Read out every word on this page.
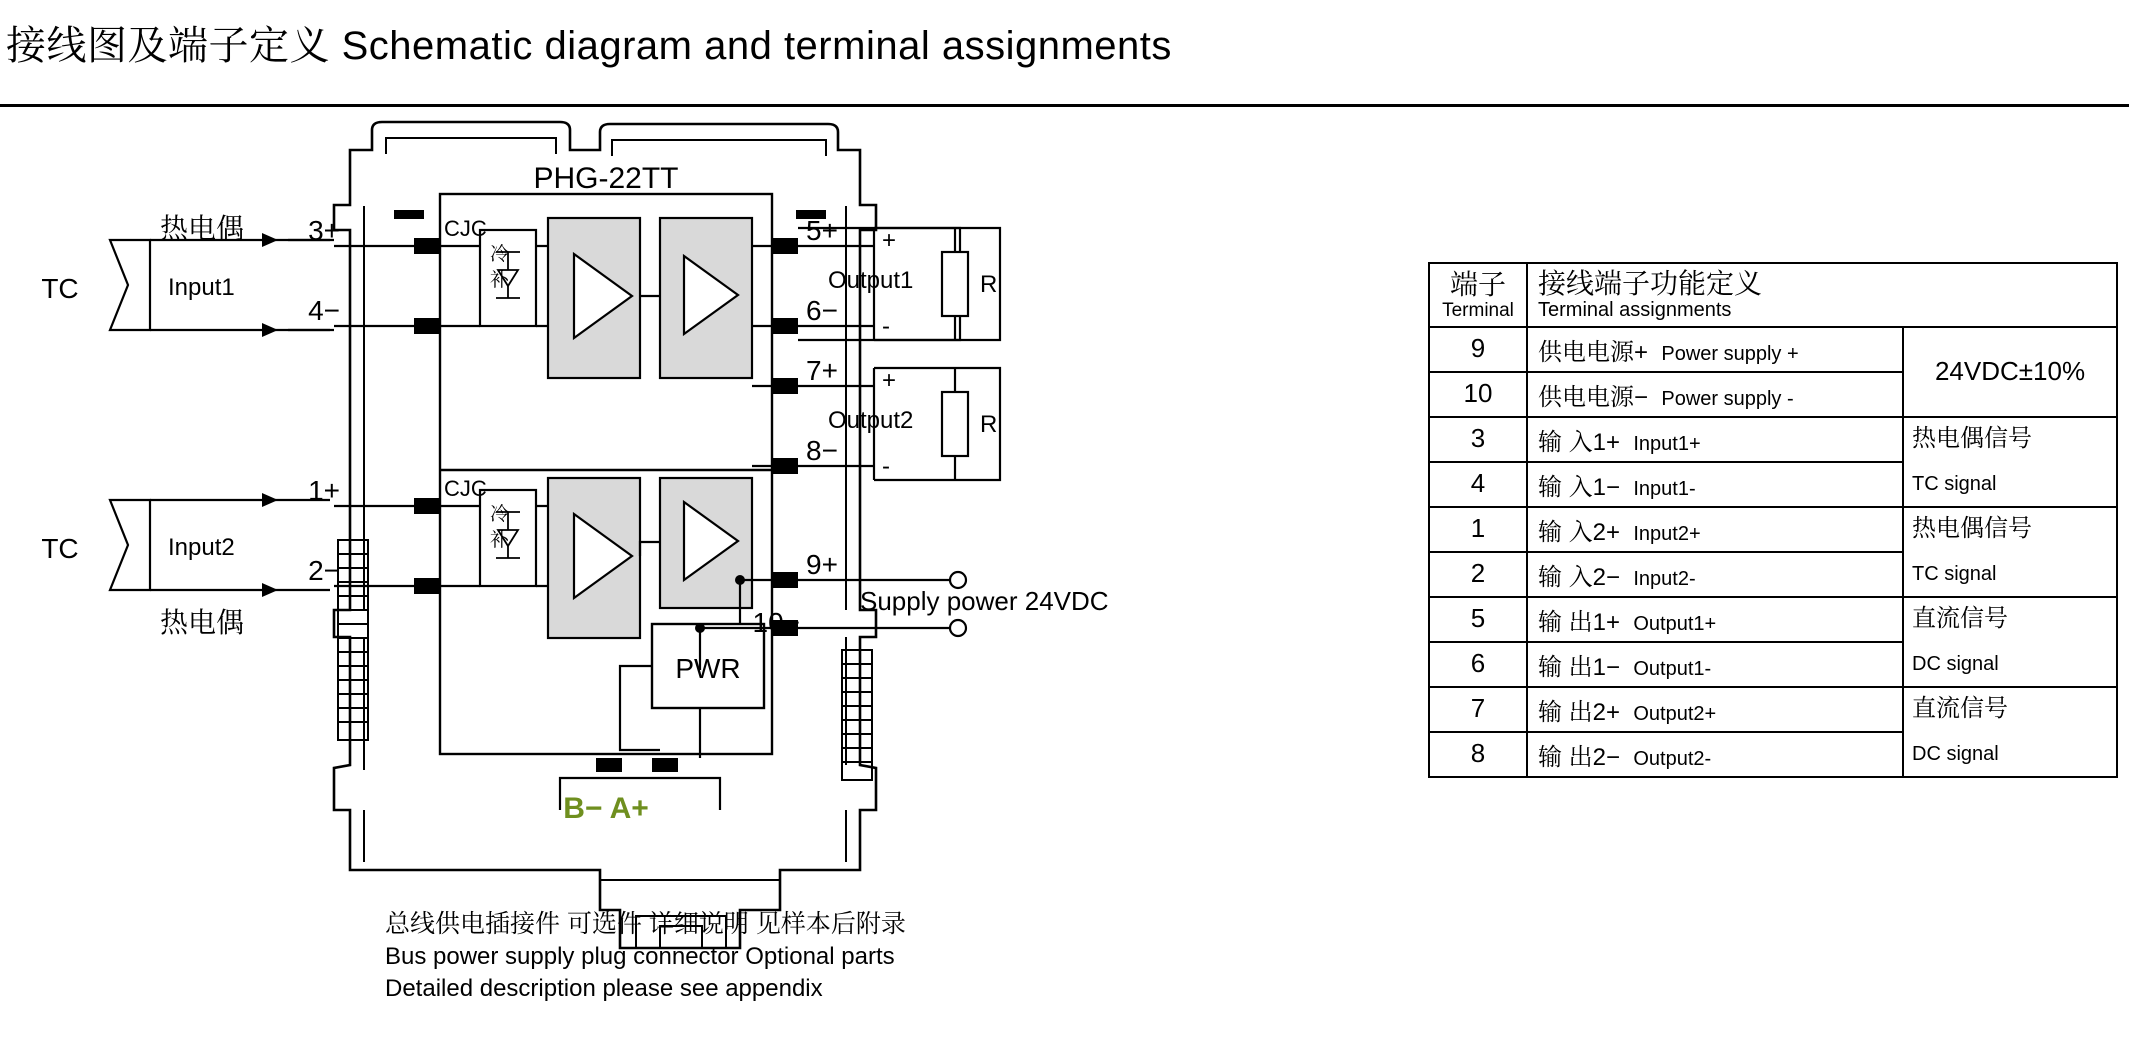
接线图及端子定义 Schematic diagram and terminal assignments
PHG-22TT
热电偶
TC	Input1
3+
4−
TC	Input2
热电偶
1+
2−
CJC
CJC
冷
补
冷
补
PWR
5+
6−
7+
8−
9+
10−
Output1
Output2
+
-
+
-
R
R
Supply power 24VDC
B− A+
端子
Terminal	接线端子功能定义
Terminal assignments	

9	供电电源+ Power supply +	24VDC±10%
10	供电电源− Power supply -	
3	输 入1+ Input1+	热电偶信号
4	输 入1− Input1-	TC signal

1	输 入2+ Input2+	热电偶信号
2	输 入2− Input2-	TC signal

5	输 出1+ Output1+	直流信号
6	输 出1− Output1-	DC signal

7	输 出2+ Output2+	直流信号
8	输 出2− Output2-	DC signal
总线供电插接件 可选件 详细说明 见样本后附录
Bus power supply plug connector Optional parts
Detailed description please see appendix
